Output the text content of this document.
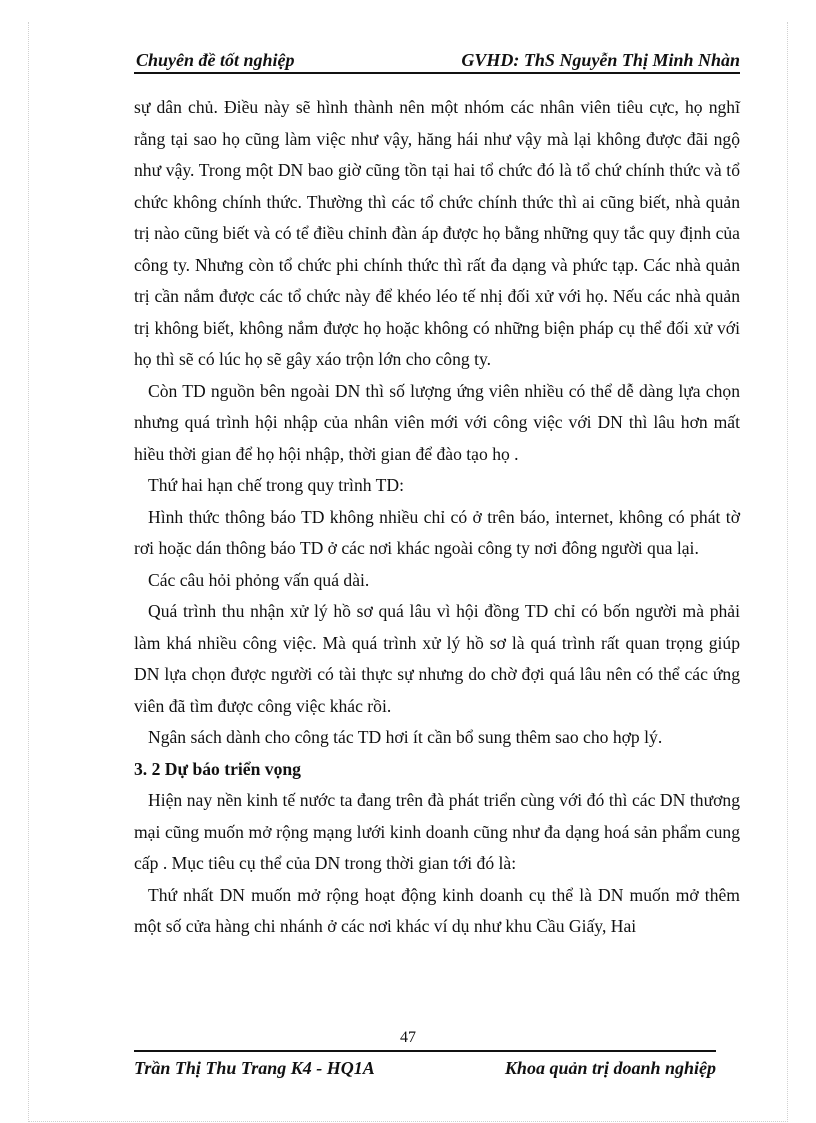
Chuyên đề tốt nghiệp	GVHD: ThS Nguyễn Thị Minh Nhàn

sự dân chủ. Điều này sẽ hình thành nên một nhóm các nhân viên tiêu cực, họ nghĩ rằng tại sao họ cũng làm việc như vậy, hăng hái như vậy mà lại không được đãi ngộ như vậy. Trong một DN bao giờ cũng tồn tại hai tổ chức đó là tổ chứ chính thức và tổ chức không chính thức. Thường thì các tổ chức chính thức thì ai cũng biết, nhà quản trị nào cũng biết và có tể điều chỉnh đàn áp được họ bằng những quy tắc quy định của công ty. Nhưng còn tổ chức phi chính thức thì rất đa dạng và phức tạp. Các nhà quản trị cần nắm được các tổ chức này để khéo léo tế nhị đối xử với họ. Nếu các nhà quản trị không biết, không nắm được họ hoặc không có những biện pháp cụ thể đối xử với họ thì sẽ có lúc họ sẽ gây xáo trộn lớn cho công ty.

Còn TD nguồn bên ngoài DN thì số lượng ứng viên nhiều có thể dễ dàng lựa chọn nhưng quá trình hội nhập của nhân viên mới với công việc với DN thì lâu hơn mất hiều thời gian để họ hội nhập, thời gian để đào tạo họ .

Thứ hai hạn chế trong quy trình TD:

Hình thức thông báo TD không nhiều chỉ có ở trên báo, internet, không có phát tờ rơi hoặc dán thông báo TD ở các nơi khác ngoài công ty nơi đông người qua lại.

Các câu hỏi phỏng vấn quá dài.

Quá trình thu nhận xử lý hồ sơ quá lâu vì hội đồng TD chỉ có bốn người mà phải làm khá nhiều công việc. Mà quá trình xử lý hồ sơ là quá trình rất quan trọng giúp DN lựa chọn được người có tài thực sự nhưng do chờ đợi quá lâu nên có thể các ứng viên đã tìm được công việc khác rồi.

Ngân sách dành cho công tác TD hơi ít cần bổ sung thêm sao cho hợp lý.

3. 2 Dự báo triển vọng

Hiện nay nền kinh tế nước ta đang trên đà phát triển cùng với đó thì các DN thương mại cũng muốn mở rộng mạng lưới kinh doanh cũng như đa dạng hoá sản phẩm cung cấp . Mục tiêu cụ thể của DN trong thời gian tới đó là:

Thứ nhất DN muốn mở rộng hoạt động kinh doanh cụ thể là DN muốn mở thêm một số cửa hàng chi nhánh ở các nơi khác ví dụ như khu Cầu Giấy, Hai

47
Trần Thị Thu Trang K4 - HQ1A	Khoa quản trị doanh nghiệp
